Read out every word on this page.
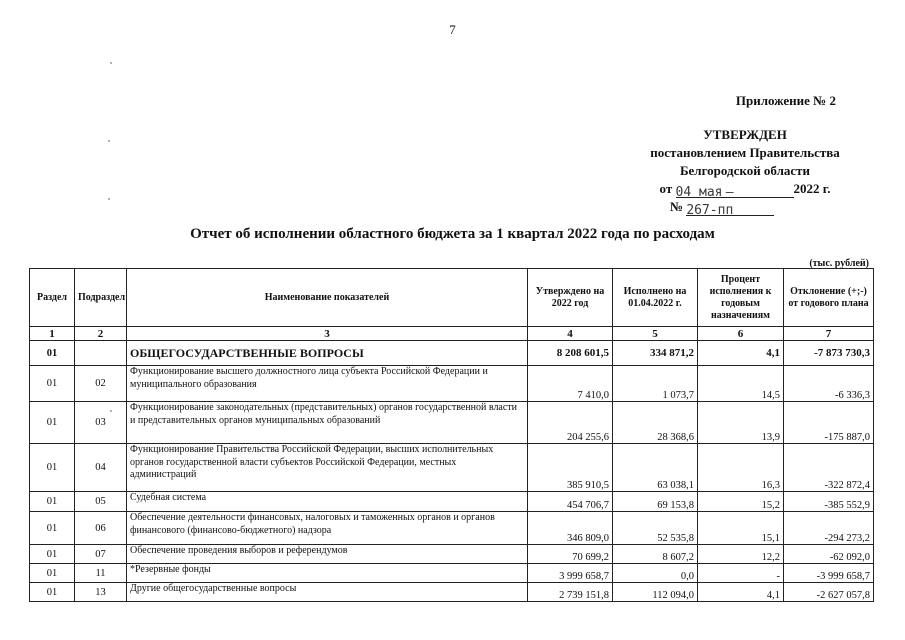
7
Приложение № 2
УТВЕРЖДЕН
постановлением Правительства
Белгородской области
от 04 мая –	2022 г.
№ 267-пп
Отчет об исполнении областного бюджета за 1 квартал 2022 года по расходам
(тыс. рублей)
Раздел	Подраздел	Наименование показателей	Утверждено на 2022 год	Исполнено на 01.04.2022 г.	Процент исполнения к годовым назначениям	Отклонение (+;-) от годового плана
1	2	3	4	5	6	7
01		ОБЩЕГОСУДАРСТВЕННЫЕ ВОПРОСЫ	8 208 601,5	334 871,2	4,1	-7 873 730,3
01	02	Функционирование высшего должностного лица субъекта Российской Федерации и муниципального образования	7 410,0	1 073,7	14,5	-6 336,3
01	03	Функционирование законодательных (представительных) органов государственной власти и представительных органов муниципальных образований	204 255,6	28 368,6	13,9	-175 887,0
01	04	Функционирование Правительства Российской Федерации, высших исполнительных органов государственной власти субъектов Российской Федерации, местных администраций	385 910,5	63 038,1	16,3	-322 872,4
01	05	Судебная система	454 706,7	69 153,8	15,2	-385 552,9
01	06	Обеспечение деятельности финансовых, налоговых и таможенных органов и органов финансового (финансово-бюджетного) надзора	346 809,0	52 535,8	15,1	-294 273,2
01	07	Обеспечение проведения выборов и референдумов	70 699,2	8 607,2	12,2	-62 092,0
01	11	*Резервные фонды	3 999 658,7	0,0	-	-3 999 658,7
01	13	Другие общегосударственные вопросы	2 739 151,8	112 094,0	4,1	-2 627 057,8
